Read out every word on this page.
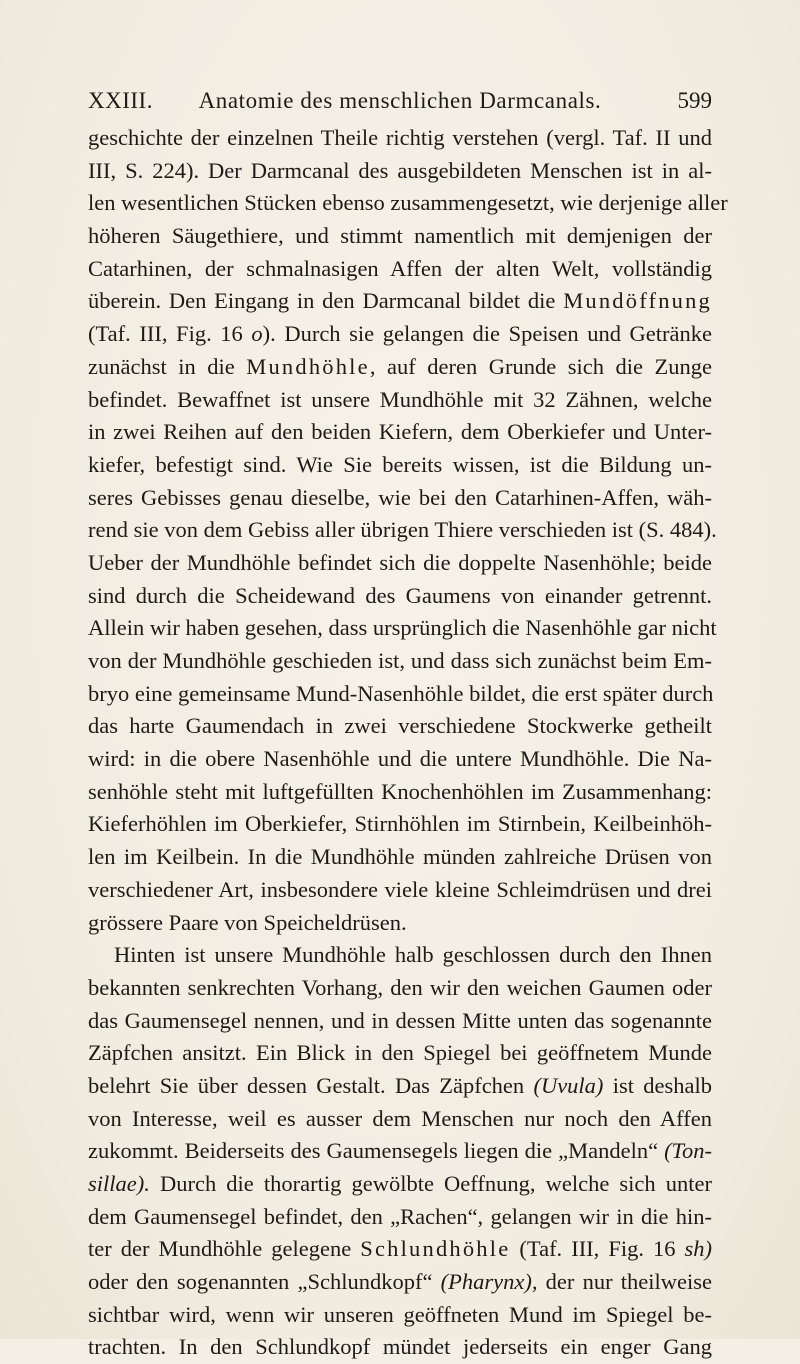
XXIII.	Anatomie des menschlichen Darmcanals.	599
geschichte der einzelnen Theile richtig verstehen (vergl. Taf. II und
III, S. 224). Der Darmcanal des ausgebildeten Menschen ist in al-
len wesentlichen Stücken ebenso zusammengesetzt, wie derjenige aller
höheren Säugethiere, und stimmt namentlich mit demjenigen der
Catarhinen, der schmalnasigen Affen der alten Welt, vollständig
überein. Den Eingang in den Darmcanal bildet die Mundöffnung
(Taf. III, Fig. 16 o). Durch sie gelangen die Speisen und Getränke
zunächst in die Mundhöhle, auf deren Grunde sich die Zunge
befindet. Bewaffnet ist unsere Mundhöhle mit 32 Zähnen, welche
in zwei Reihen auf den beiden Kiefern, dem Oberkiefer und Unter-
kiefer, befestigt sind. Wie Sie bereits wissen, ist die Bildung un-
seres Gebisses genau dieselbe, wie bei den Catarhinen-Affen, wäh-
rend sie von dem Gebiss aller übrigen Thiere verschieden ist (S. 484).
Ueber der Mundhöhle befindet sich die doppelte Nasenhöhle; beide
sind durch die Scheidewand des Gaumens von einander getrennt.
Allein wir haben gesehen, dass ursprünglich die Nasenhöhle gar nicht
von der Mundhöhle geschieden ist, und dass sich zunächst beim Em-
bryo eine gemeinsame Mund-Nasenhöhle bildet, die erst später durch
das harte Gaumendach in zwei verschiedene Stockwerke getheilt
wird: in die obere Nasenhöhle und die untere Mundhöhle. Die Na-
senhöhle steht mit luftgefüllten Knochenhöhlen im Zusammenhang:
Kieferhöhlen im Oberkiefer, Stirnhöhlen im Stirnbein, Keilbeinhöh-
len im Keilbein. In die Mundhöhle münden zahlreiche Drüsen von
verschiedener Art, insbesondere viele kleine Schleimdrüsen und drei
grössere Paare von Speicheldrüsen.
Hinten ist unsere Mundhöhle halb geschlossen durch den Ihnen
bekannten senkrechten Vorhang, den wir den weichen Gaumen oder
das Gaumensegel nennen, und in dessen Mitte unten das sogenannte
Zäpfchen ansitzt. Ein Blick in den Spiegel bei geöffnetem Munde
belehrt Sie über dessen Gestalt. Das Zäpfchen (Uvula) ist deshalb
von Interesse, weil es ausser dem Menschen nur noch den Affen
zukommt. Beiderseits des Gaumensegels liegen die „Mandeln“ (Ton-
sillae). Durch die thorartig gewölbte Oeffnung, welche sich unter
dem Gaumensegel befindet, den „Rachen“, gelangen wir in die hin-
ter der Mundhöhle gelegene Schlundhöhle (Taf. III, Fig. 16 sh)
oder den sogenannten „Schlundkopf“ (Pharynx), der nur theilweise
sichtbar wird, wenn wir unseren geöffneten Mund im Spiegel be-
trachten. In den Schlundkopf mündet jederseits ein enger Gang
